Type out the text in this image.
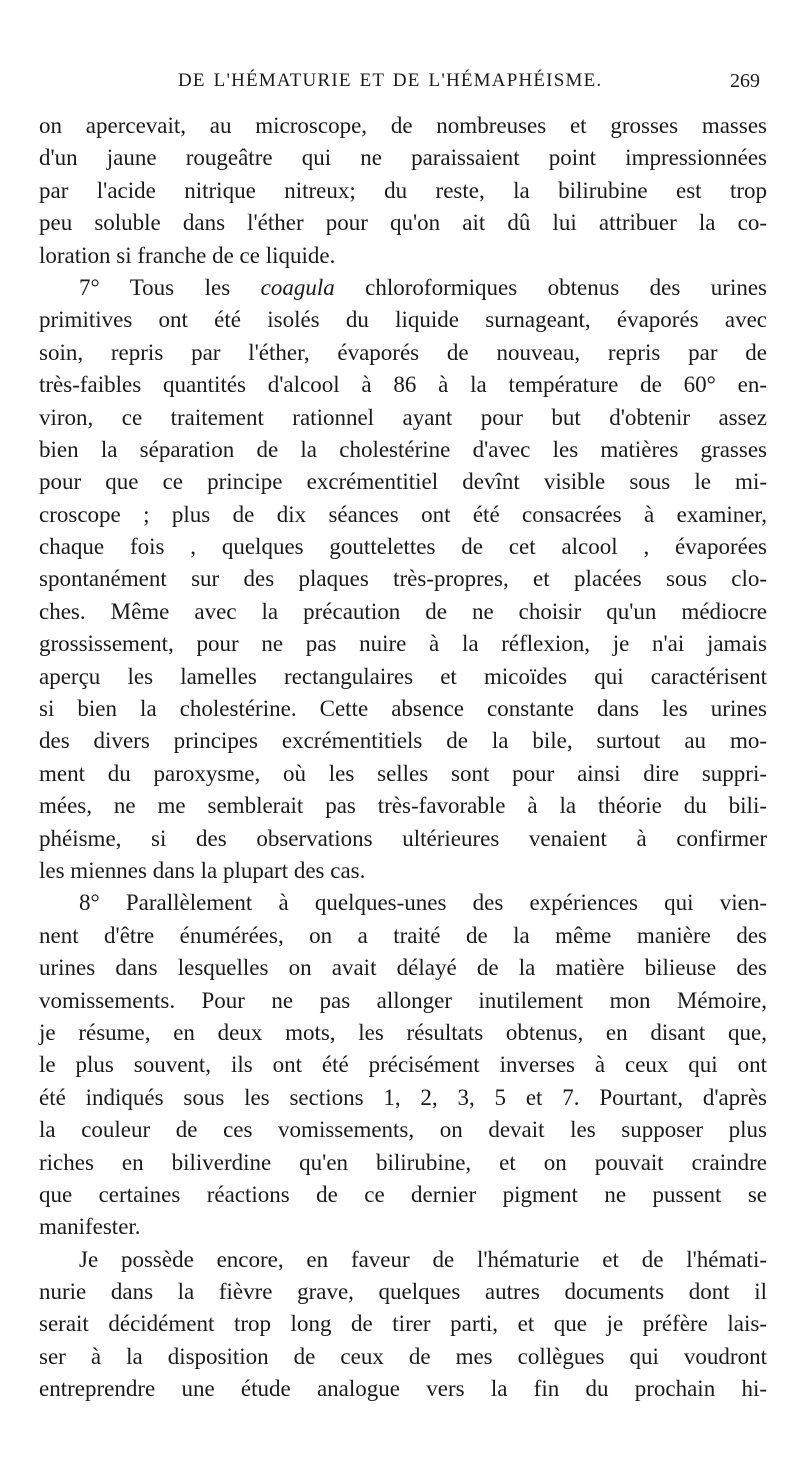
DE L'HÉMATURIE ET DE L'HÉMAPHÉISME.	269
on apercevait, au microscope, de nombreuses et grosses masses
d'un jaune rougeâtre qui ne paraissaient point impressionnées
par l'acide nitrique nitreux; du reste, la bilirubine est trop
peu soluble dans l'éther pour qu'on ait dû lui attribuer la co-
loration si franche de ce liquide.
7° Tous les coagula chloroformiques obtenus des urines
primitives ont été isolés du liquide surnageant, évaporés avec
soin, repris par l'éther, évaporés de nouveau, repris par de
très-faibles quantités d'alcool à 86 à la température de 60° en-
viron, ce traitement rationnel ayant pour but d'obtenir assez
bien la séparation de la cholestérine d'avec les matières grasses
pour que ce principe excrémentitiel devînt visible sous le mi-
croscope ; plus de dix séances ont été consacrées à examiner,
chaque fois , quelques gouttelettes de cet alcool , évaporées
spontanément sur des plaques très-propres, et placées sous clo-
ches. Même avec la précaution de ne choisir qu'un médiocre
grossissement, pour ne pas nuire à la réflexion, je n'ai jamais
aperçu les lamelles rectangulaires et micoïdes qui caractérisent
si bien la cholestérine. Cette absence constante dans les urines
des divers principes excrémentitiels de la bile, surtout au mo-
ment du paroxysme, où les selles sont pour ainsi dire suppri-
mées, ne me semblerait pas très-favorable à la théorie du bili-
phéisme, si des observations ultérieures venaient à confirmer
les miennes dans la plupart des cas.
8° Parallèlement à quelques-unes des expériences qui vien-
nent d'être énumérées, on a traité de la même manière des
urines dans lesquelles on avait délayé de la matière bilieuse des
vomissements. Pour ne pas allonger inutilement mon Mémoire,
je résume, en deux mots, les résultats obtenus, en disant que,
le plus souvent, ils ont été précisément inverses à ceux qui ont
été indiqués sous les sections 1, 2, 3, 5 et 7. Pourtant, d'après
la couleur de ces vomissements, on devait les supposer plus
riches en biliverdine qu'en bilirubine, et on pouvait craindre
que certaines réactions de ce dernier pigment ne pussent se
manifester.
Je possède encore, en faveur de l'hématurie et de l'hémati-
nurie dans la fièvre grave, quelques autres documents dont il
serait décidément trop long de tirer parti, et que je préfère lais-
ser à la disposition de ceux de mes collègues qui voudront
entreprendre une étude analogue vers la fin du prochain hi-
